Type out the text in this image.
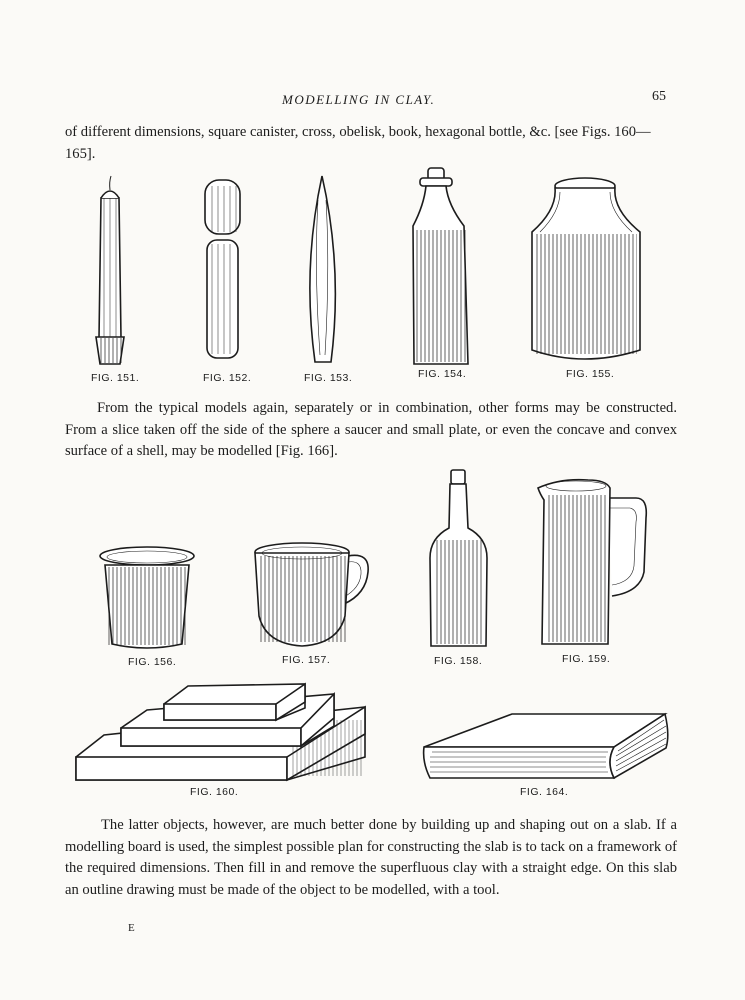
MODELLING IN CLAY.	65

of different dimensions, square canister, cross, obelisk, book, hexagonal bottle, &c. [see Figs. 160—165].

FIG. 151.	FIG. 152.	FIG. 153.	FIG. 154.	FIG. 155.

From the typical models again, separately or in combination, other forms may be constructed. From a slice taken off the side of the sphere a saucer and small plate, or even the concave and convex surface of a shell, may be modelled [Fig. 166].

FIG. 156.	FIG. 157.	FIG. 158.	FIG. 159.
FIG. 160.	FIG. 164.

The latter objects, however, are much better done by building up and shaping out on a slab. If a modelling board is used, the simplest possible plan for constructing the slab is to tack on a framework of the required dimensions. Then fill in and remove the superfluous clay with a straight edge. On this slab an outline drawing must be made of the object to be modelled, with a tool.

E
